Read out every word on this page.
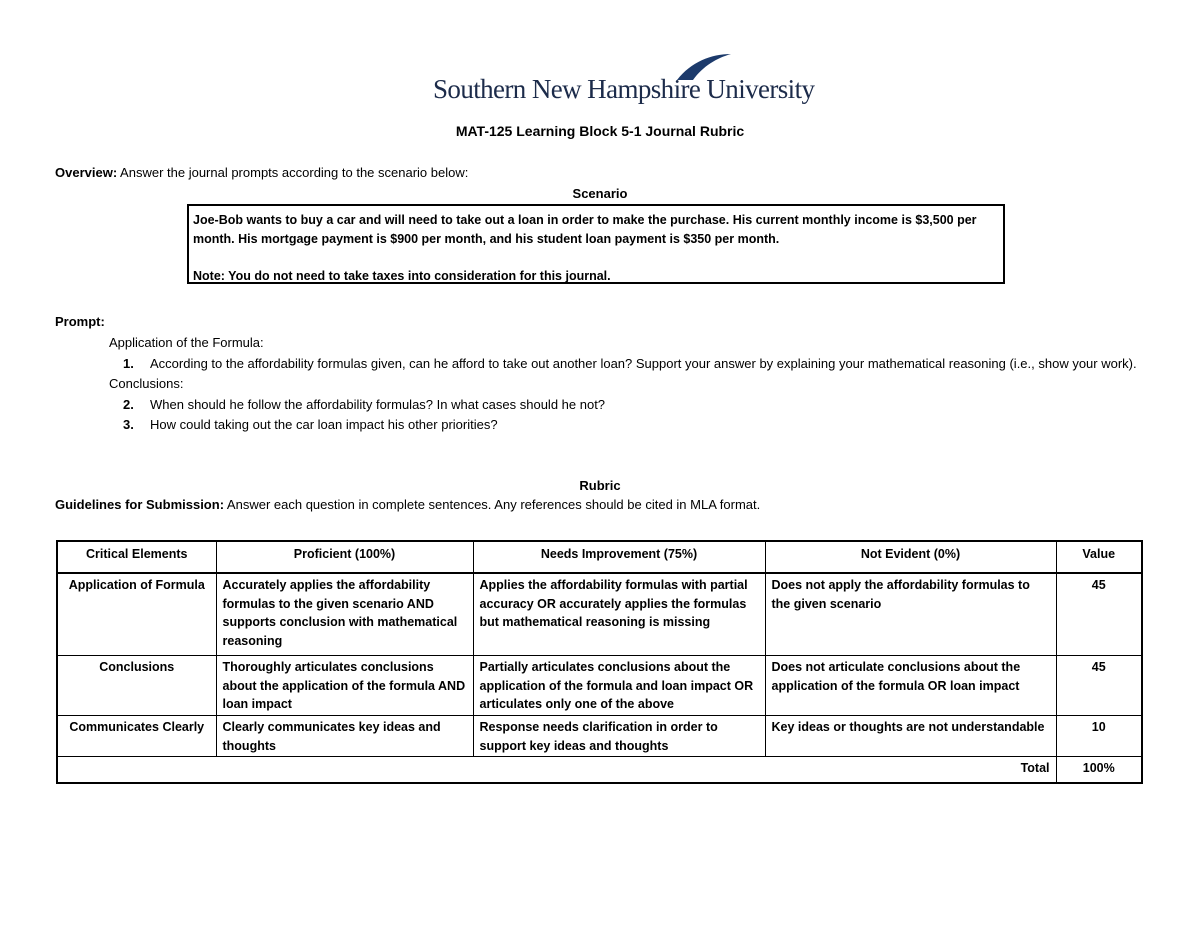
Southern New Hampshire University
MAT-125 Learning Block 5-1 Journal Rubric
Overview: Answer the journal prompts according to the scenario below:
Scenario

Joe-Bob wants to buy a car and will need to take out a loan in order to make the purchase. His current monthly income is $3,500 per month. His mortgage payment is $900 per month, and his student loan payment is $350 per month.

Note: You do not need to take taxes into consideration for this journal.

Prompt:

Application of the Formula:

1. According to the affordability formulas given, can he afford to take out another loan? Support your answer by explaining your mathematical reasoning (i.e., show your work).

Conclusions:

2. When should he follow the affordability formulas? In what cases should he not?

3. How could taking out the car loan impact his other priorities?

Rubric
Guidelines for Submission: Answer each question in complete sentences. Any references should be cited in MLA format.
Critical Elements	Proficient (100%)	Needs Improvement (75%)	Not Evident (0%)	Value
Application of Formula	Accurately applies the affordability formulas to the given scenario AND supports conclusion with mathematical reasoning	Applies the affordability formulas with partial accuracy OR accurately applies the formulas but mathematical reasoning is missing	Does not apply the affordability formulas to the given scenario	45
Conclusions	Thoroughly articulates conclusions about the application of the formula AND loan impact	Partially articulates conclusions about the application of the formula and loan impact OR articulates only one of the above	Does not articulate conclusions about the application of the formula OR loan impact	45
Communicates Clearly	Clearly communicates key ideas and thoughts	Response needs clarification in order to support key ideas and thoughts	Key ideas or thoughts are not understandable	10
Total				100%
